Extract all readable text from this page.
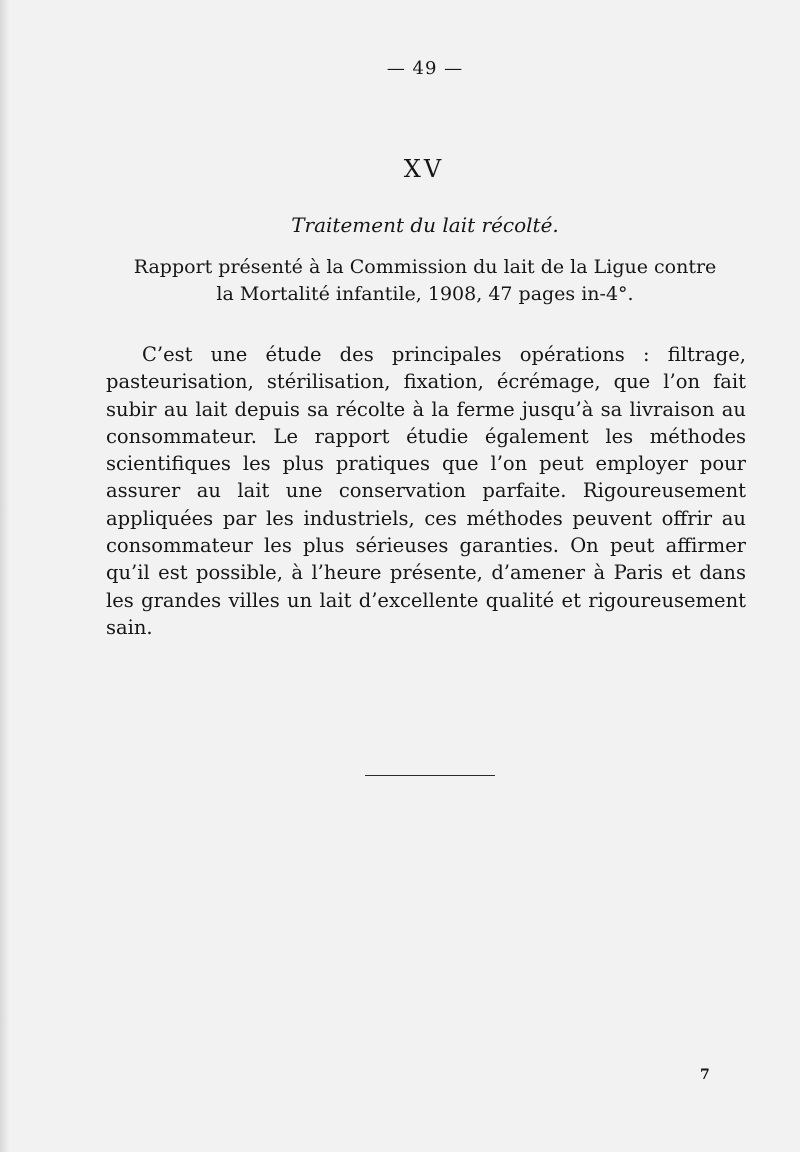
— 49 —
XV
Traitement du lait récolté.
Rapport présenté à la Commission du lait de la Ligue contre
la Mortalité infantile, 1908, 47 pages in-4°.

C’est une étude des principales opérations : filtrage, pasteurisation, stérilisation, fixation, écrémage, que l’on fait subir au lait depuis sa récolte à la ferme jusqu’à sa livraison au consommateur. Le rapport étudie également les méthodes scientifiques les plus pratiques que l’on peut employer pour assurer au lait une conservation parfaite. Rigoureusement appliquées par les industriels, ces méthodes peuvent offrir au consommateur les plus sérieuses garanties. On peut affirmer qu’il est possible, à l’heure présente, d’amener à Paris et dans les grandes villes un lait d’excellente qualité et rigoureusement sain.

7
